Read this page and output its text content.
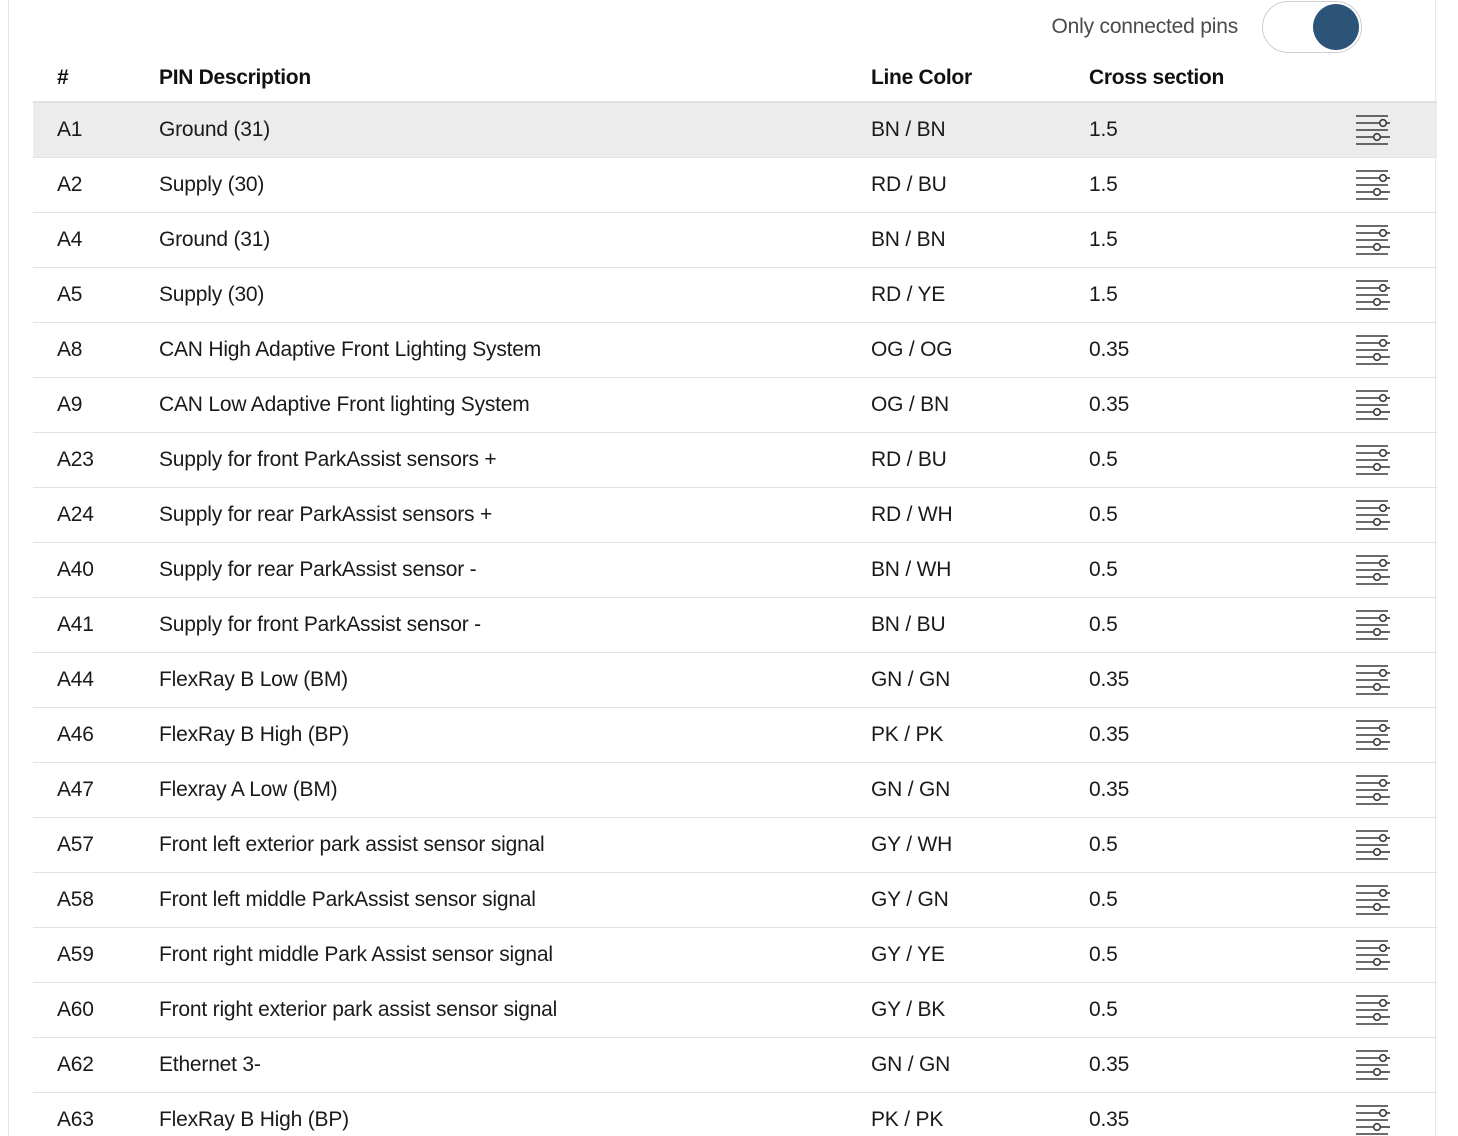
Only connected pins
#	PIN Description	Line Color	Cross section	
A1	Ground (31)	BN / BN	1.5	

A2	Supply (30)	RD / BU	1.5	

A4	Ground (31)	BN / BN	1.5	

A5	Supply (30)	RD / YE	1.5	

A8	CAN High Adaptive Front Lighting System	OG / OG	0.35	

A9	CAN Low Adaptive Front lighting System	OG / BN	0.35	

A23	Supply for front ParkAssist sensors +	RD / BU	0.5	

A24	Supply for rear ParkAssist sensors +	RD / WH	0.5	

A40	Supply for rear ParkAssist sensor -	BN / WH	0.5	

A41	Supply for front ParkAssist sensor -	BN / BU	0.5	

A44	FlexRay B Low (BM)	GN / GN	0.35	

A46	FlexRay B High (BP)	PK / PK	0.35	

A47	Flexray A Low (BM)	GN / GN	0.35	

A57	Front left exterior park assist sensor signal	GY / WH	0.5	

A58	Front left middle ParkAssist sensor signal	GY / GN	0.5	

A59	Front right middle Park Assist sensor signal	GY / YE	0.5	

A60	Front right exterior park assist sensor signal	GY / BK	0.5	

A62	Ethernet 3-	GN / GN	0.35	

A63	FlexRay B High (BP)	PK / PK	0.35	
